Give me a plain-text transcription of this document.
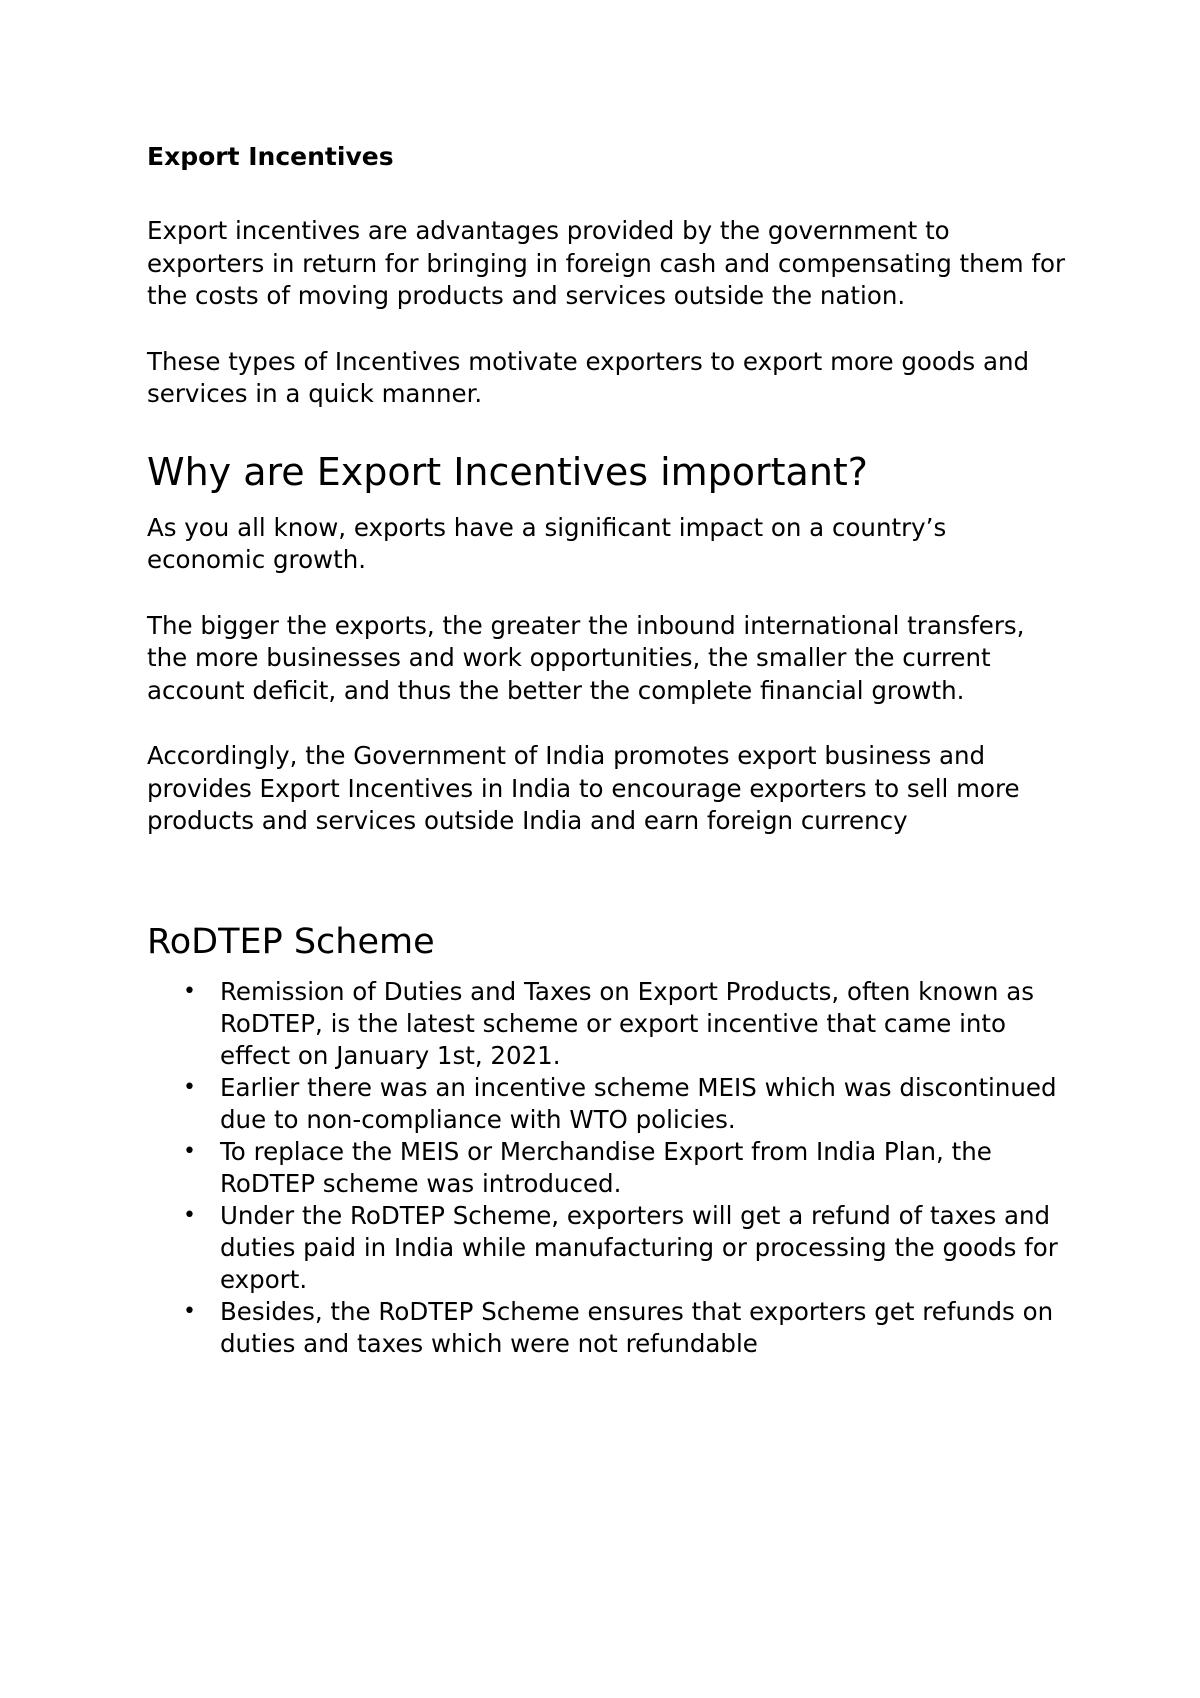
Export Incentives

Export incentives are advantages provided by the government to exporters in return for bringing in foreign cash and compensating them for the costs of moving products and services outside the nation.

These types of Incentives motivate exporters to export more goods and services in a quick manner.

Why are Export Incentives important?

As you all know, exports have a significant impact on a country’s economic growth.

The bigger the exports, the greater the inbound international transfers, the more businesses and work opportunities, the smaller the current account deficit, and thus the better the complete financial growth.

Accordingly, the Government of India promotes export business and provides Export Incentives in India to encourage exporters to sell more products and services outside India and earn foreign currency

RoDTEP Scheme
• Remission of Duties and Taxes on Export Products, often known as RoDTEP, is the latest scheme or export incentive that came into effect on January 1st, 2021.
• Earlier there was an incentive scheme MEIS which was discontinued due to non-compliance with WTO policies.
• To replace the MEIS or Merchandise Export from India Plan, the RoDTEP scheme was introduced.
• Under the RoDTEP Scheme, exporters will get a refund of taxes and duties paid in India while manufacturing or processing the goods for export.
• Besides, the RoDTEP Scheme ensures that exporters get refunds on duties and taxes which were not refundable
